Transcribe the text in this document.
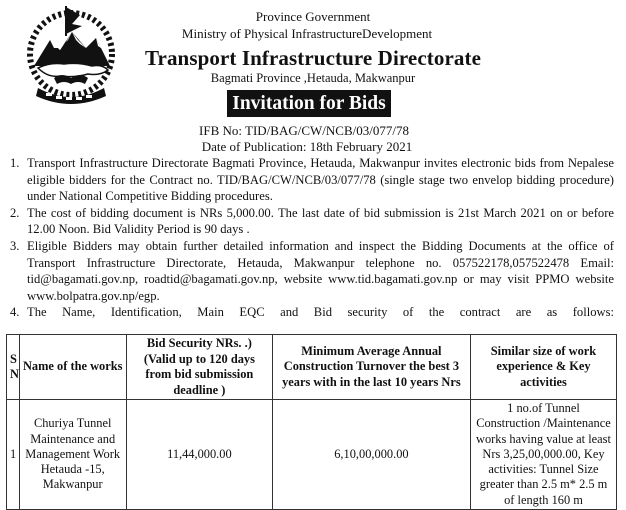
Province Government
Ministry of Physical InfrastructureDevelopment
Transport Infrastructure Directorate
Bagmati Province ,Hetauda, Makwanpur
Invitation for Bids
IFB No: TID/BAG/CW/NCB/03/077/78
Date of Publication: 18th February 2021
1. Transport Infrastructure Directorate Bagmati Province, Hetauda, Makwanpur invites electronic bids from Nepalese eligible bidders for the Contract no. TID/BAG/CW/NCB/03/077/78 (single stage two envelop bidding procedure) under National Competitive Bidding procedures.
2. The cost of bidding document is NRs 5,000.00. The last date of bid submission is 21st March 2021 on or before 12.00 Noon. Bid Validity Period is 90 days .
3. Eligible Bidders may obtain further detailed information and inspect the Bidding Documents at the office of Transport Infrastructure Directorate, Hetauda, Makwanpur telephone no. 057522178,057522478 Email: tid@bagamati.gov.np, roadtid@bagamati.gov.np, website www.tid.bagamati.gov.np or may visit PPMO website www.bolpatra.gov.np/egp.
4. The Name, Identification, Main EQC and Bid security of the contract are as follows:
S N	Name of the works	Bid Security NRs. .) (Valid up to 120 days from bid submission deadline )	Minimum Average Annual Construction Turnover the best 3 years with in the last 10 years Nrs	Similar size of work experience & Key activities
1	Churiya Tunnel Maintenance and Management Work Hetauda -15, Makwanpur	11,44,000.00	6,10,00,000.00	1 no.of Tunnel Construction /Maintenance works having value at least Nrs 3,25,00,000.00, Key activities: Tunnel Size greater than 2.5 m* 2.5 m of length 160 m
